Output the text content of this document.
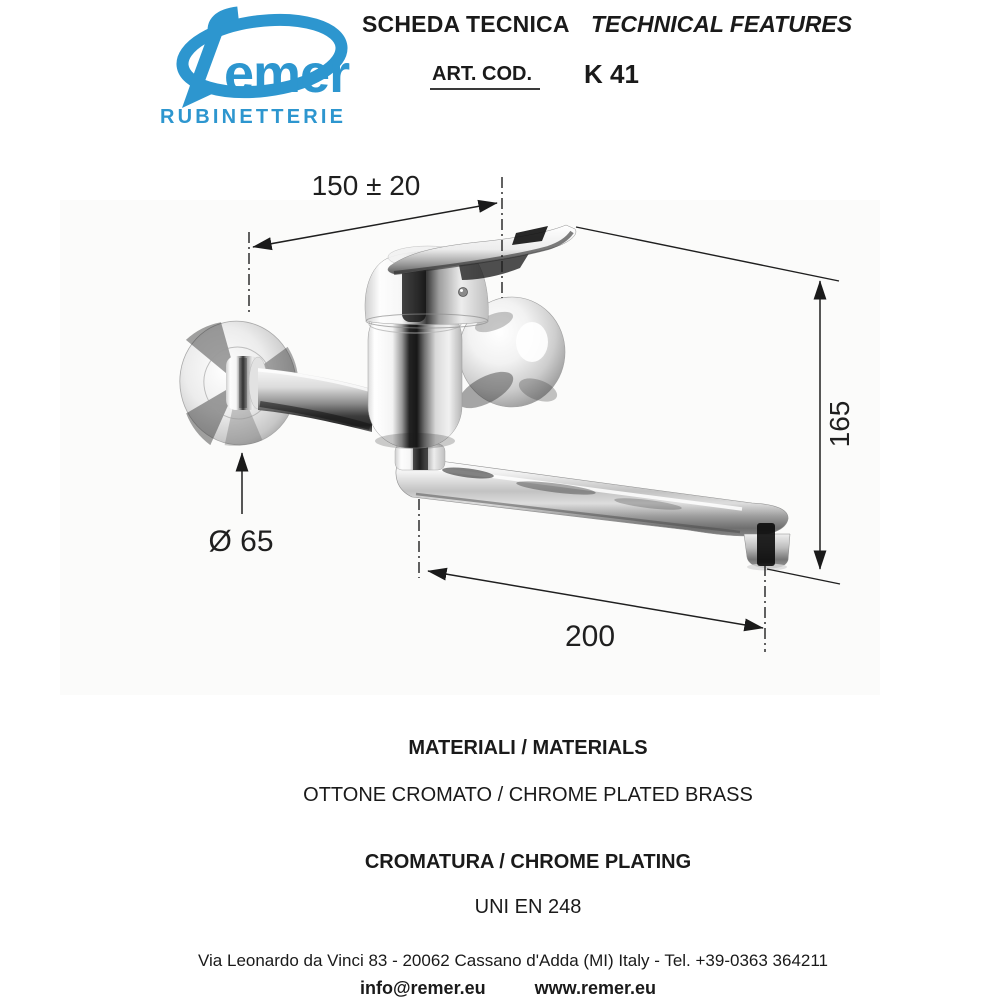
emer
RUBINETTERIE
SCHEDA TECNICA TECHNICAL FEATURES
ART. COD.	K 41
150 ± 20
165
Ø 65
200
MATERIALI / MATERIALS
OTTONE CROMATO / CHROME PLATED BRASS
CROMATURA / CHROME PLATING
UNI EN 248
Via Leonardo da Vinci 83 - 20062 Cassano d'Adda (MI) Italy - Tel. +39-0363 364211
info@remer.eu	www.remer.eu
